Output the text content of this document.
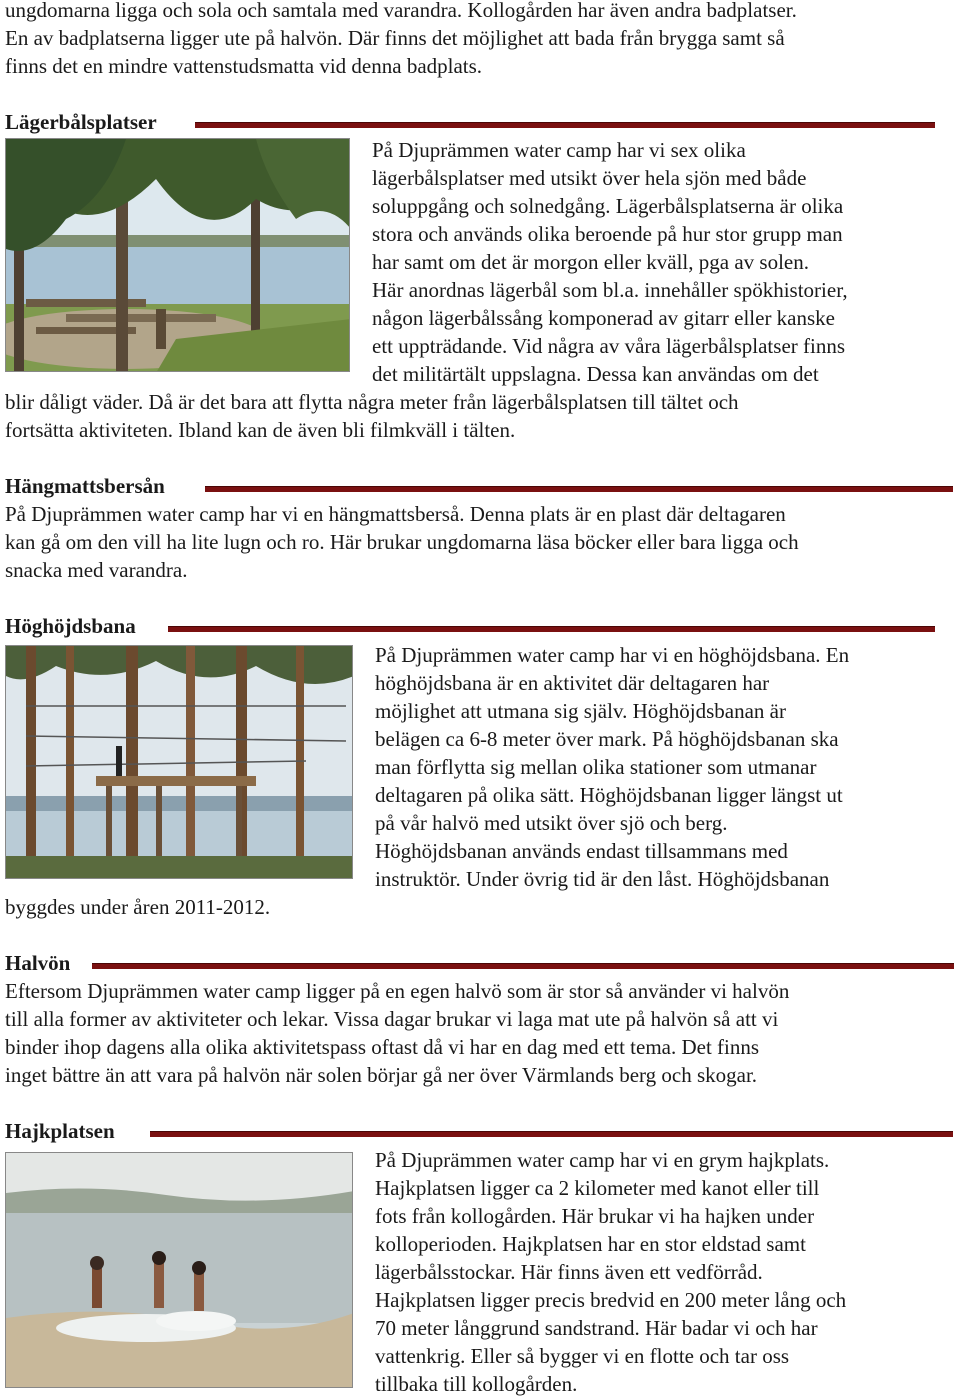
ungdomarna ligga och sola och samtala med varandra. Kollogården har även andra badplatser.

En av badplatserna ligger ute på halvön. Där finns det möjlighet att bada från brygga samt så

finns det en mindre vattenstudsmatta vid denna badplats.

Lägerbålsplatser

På Djuprämmen water camp har vi sex olika

lägerbålsplatser med utsikt över hela sjön med både

soluppgång och solnedgång. Lägerbålsplatserna är olika

stora och används olika beroende på hur stor grupp man

har samt om det är morgon eller kväll, pga av solen.

Här anordnas lägerbål som bl.a. innehåller spökhistorier,

någon lägerbålssång komponerad av gitarr eller kanske

ett uppträdande. Vid några av våra lägerbålsplatser finns

det militärtält uppslagna. Dessa kan användas om det

blir dåligt väder. Då är det bara att flytta några meter från lägerbålsplatsen till tältet och

fortsätta aktiviteten. Ibland kan de även bli filmkväll i tälten.

Hängmattsbersån

På Djuprämmen water camp har vi en hängmattsberså. Denna plats är en plast där deltagaren

kan gå om den vill ha lite lugn och ro. Här brukar ungdomarna läsa böcker eller bara ligga och

snacka med varandra.

Höghöjdsbana

På Djuprämmen water camp har vi en höghöjdsbana. En

höghöjdsbana är en aktivitet där deltagaren har

möjlighet att utmana sig själv. Höghöjdsbanan är

belägen ca 6-8 meter över mark. På höghöjdsbanan ska

man förflytta sig mellan olika stationer som utmanar

deltagaren på olika sätt. Höghöjdsbanan ligger längst ut

på vår halvö med utsikt över sjö och berg.

Höghöjdsbanan används endast tillsammans med

instruktör. Under övrig tid är den låst. Höghöjdsbanan

byggdes under åren 2011-2012.

Halvön

Eftersom Djuprämmen water camp ligger på en egen halvö som är stor så använder vi halvön

till alla former av aktiviteter och lekar. Vissa dagar brukar vi laga mat ute på halvön så att vi

binder ihop dagens alla olika aktivitetspass oftast då vi har en dag med ett tema. Det finns

inget bättre än att vara på halvön när solen börjar gå ner över Värmlands berg och skogar.

Hajkplatsen

På Djuprämmen water camp har vi en grym hajkplats.

Hajkplatsen ligger ca 2 kilometer med kanot eller till

fots från kollogården. Här brukar vi ha hajken under

kolloperioden. Hajkplatsen har en stor eldstad samt

lägerbålsstockar. Här finns även ett vedförråd.

Hajkplatsen ligger precis bredvid en 200 meter lång och

70 meter långgrund sandstrand. Här badar vi och har

vattenkrig. Eller så bygger vi en flotte och tar oss

tillbaka till kollogården.
